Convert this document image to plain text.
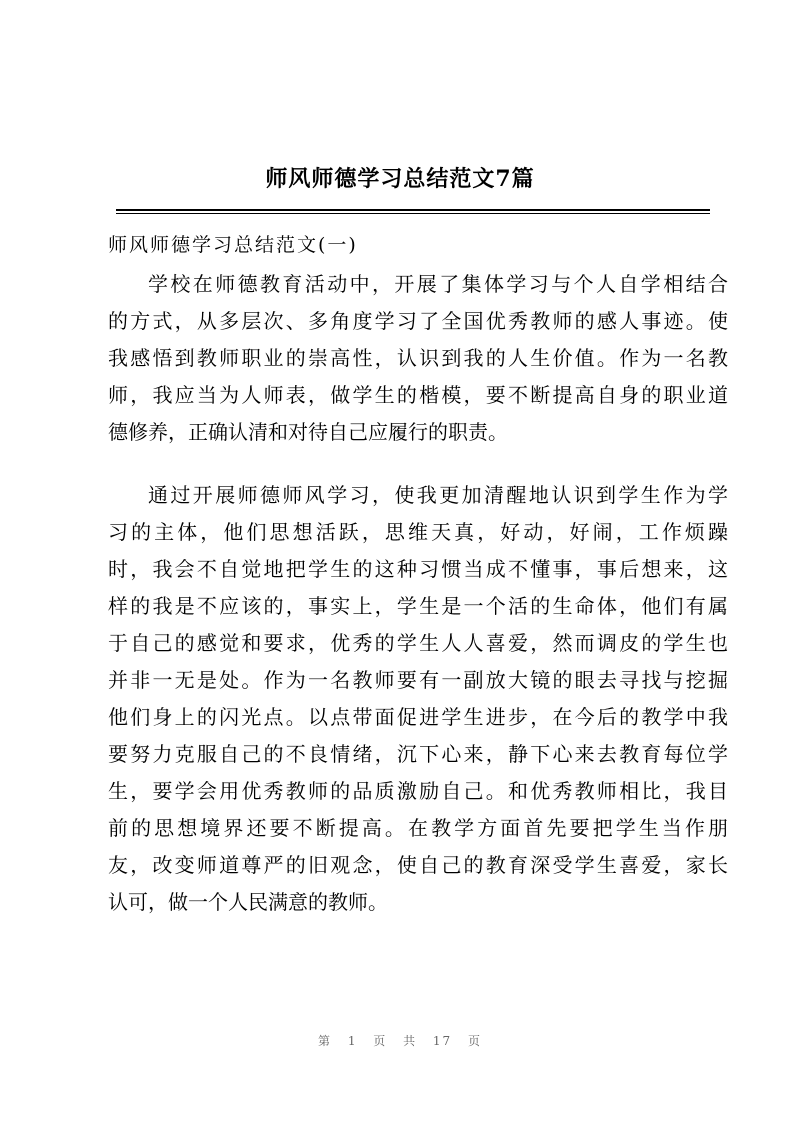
师风师德学习总结范文7篇
师风师德学习总结范文(一)
学校在师德教育活动中，开展了集体学习与个人自学相结合
的方式，从多层次、多角度学习了全国优秀教师的感人事迹。使
我感悟到教师职业的崇高性，认识到我的人生价值。作为一名教
师，我应当为人师表，做学生的楷模，要不断提高自身的职业道
德修养，正确认清和对待自己应履行的职责。
通过开展师德师风学习，使我更加清醒地认识到学生作为学
习的主体，他们思想活跃，思维天真，好动，好闹，工作烦躁
时，我会不自觉地把学生的这种习惯当成不懂事，事后想来，这
样的我是不应该的，事实上，学生是一个活的生命体，他们有属
于自己的感觉和要求，优秀的学生人人喜爱，然而调皮的学生也
并非一无是处。作为一名教师要有一副放大镜的眼去寻找与挖掘
他们身上的闪光点。以点带面促进学生进步，在今后的教学中我
要努力克服自己的不良情绪，沉下心来，静下心来去教育每位学
生，要学会用优秀教师的品质激励自己。和优秀教师相比，我目
前的思想境界还要不断提高。在教学方面首先要把学生当作朋
友，改变师道尊严的旧观念，使自己的教育深受学生喜爱，家长
认可，做一个人民满意的教师。
第 1 页 共 17 页
